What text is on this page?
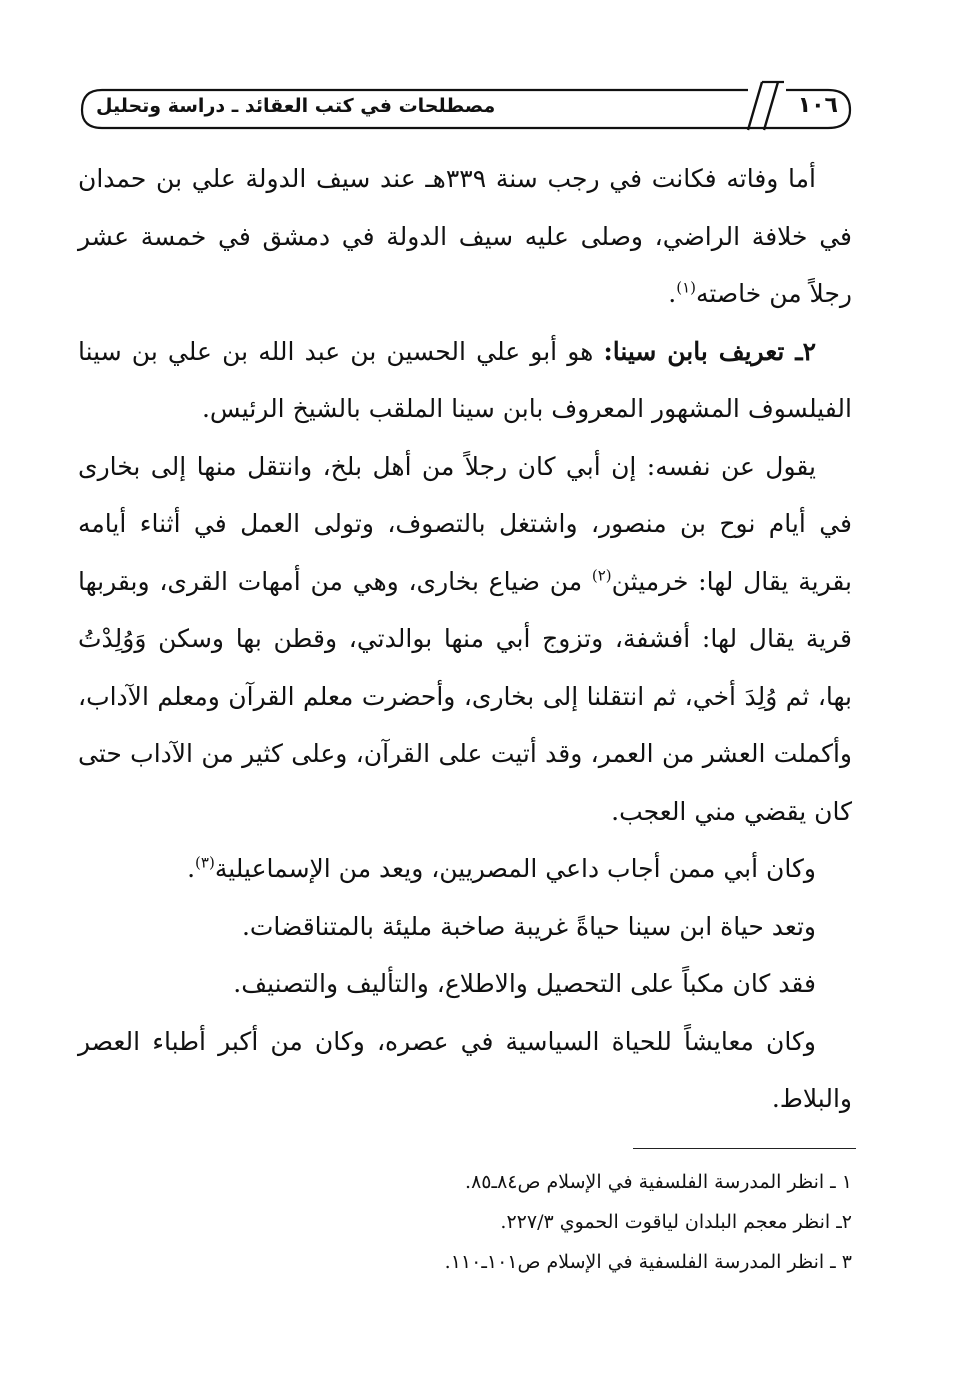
مصطلحات في كتب العقائد ـ دراسة وتحليل	١٠٦

أما وفاته فكانت في رجب سنة ٣٣٩هـ عند سيف الدولة علي بن حمدان في خلافة الراضي، وصلى عليه سيف الدولة في دمشق في خمسة عشر رجلاً من خاصته$^{(١)}$.

٢ـ تعريف بابن سينا: هو أبو علي الحسين بن عبد الله بن علي بن سينا الفيلسوف المشهور المعروف بابن سينا الملقب بالشيخ الرئيس.

يقول عن نفسه: إن أبي كان رجلاً من أهل بلخ، وانتقل منها إلى بخارى في أيام نوح بن منصور، واشتغل بالتصوف، وتولى العمل في أثناء أيامه بقرية يقال لها: خرميثن$^{(٢)}$ من ضياع بخارى، وهي من أمهات القرى، وبقربها قرية يقال لها: أفشفة، وتزوج أبي منها بوالدتي، وقطن بها وسكن وَوُلِدْتُ بها، ثم وُلِدَ أخي، ثم انتقلنا إلى بخارى، وأحضرت معلم القرآن ومعلم الآداب، وأكملت العشر من العمر، وقد أتيت على القرآن، وعلى كثير من الآداب حتى كان يقضي مني العجب.

وكان أبي ممن أجاب داعي المصريين، ويعد من الإسماعيلية$^{(٣)}$.

وتعد حياة ابن سينا حياةً غريبة صاخبة مليئة بالمتناقضات.

فقد كان مكباً على التحصيل والاطلاع، والتأليف والتصنيف.

وكان معايشاً للحياة السياسية في عصره، وكان من أكبر أطباء العصر والبلاط.

١ ـ انظر المدرسة الفلسفية في الإسلام ص٨٤ـ٨٥.

٢ـ انظر معجم البلدان لياقوت الحموي ٢٢٧/٣.

٣ ـ انظر المدرسة الفلسفية في الإسلام ص١٠١ـ١١٠.
